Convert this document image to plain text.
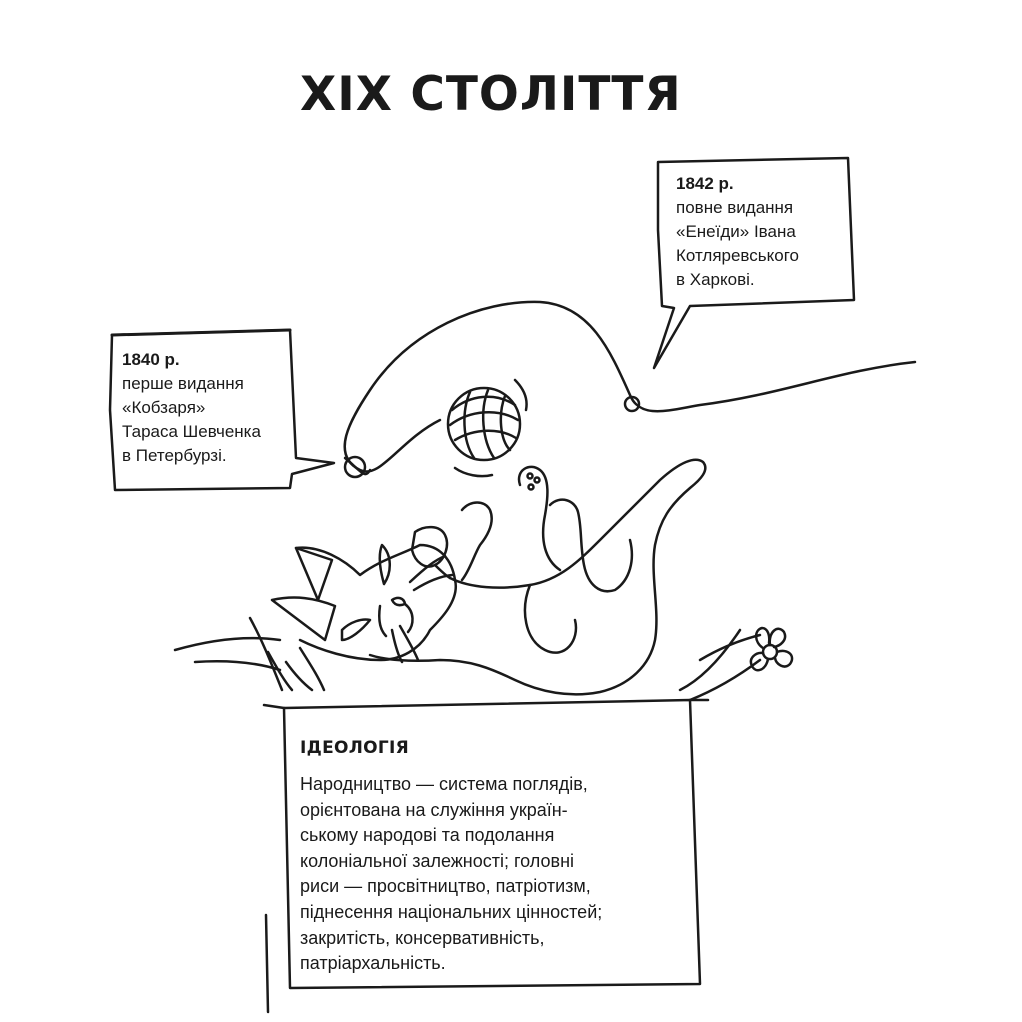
XIX СТОЛІТТЯ
1840 р.
перше видання
«Кобзаря»
Тараса Шевченка
в Петербурзі.
1842 р.
повне видання
«Енеїди» Івана
Котляревського
в Харкові.
ІДЕОЛОГІЯ
Народництво — система поглядів,
орієнтована на служіння україн-
ському народові та подолання
колоніальної залежності; головні
риси — просвітництво, патріотизм,
піднесення національних цінностей;
закритість, консервативність,
патріархальність.
